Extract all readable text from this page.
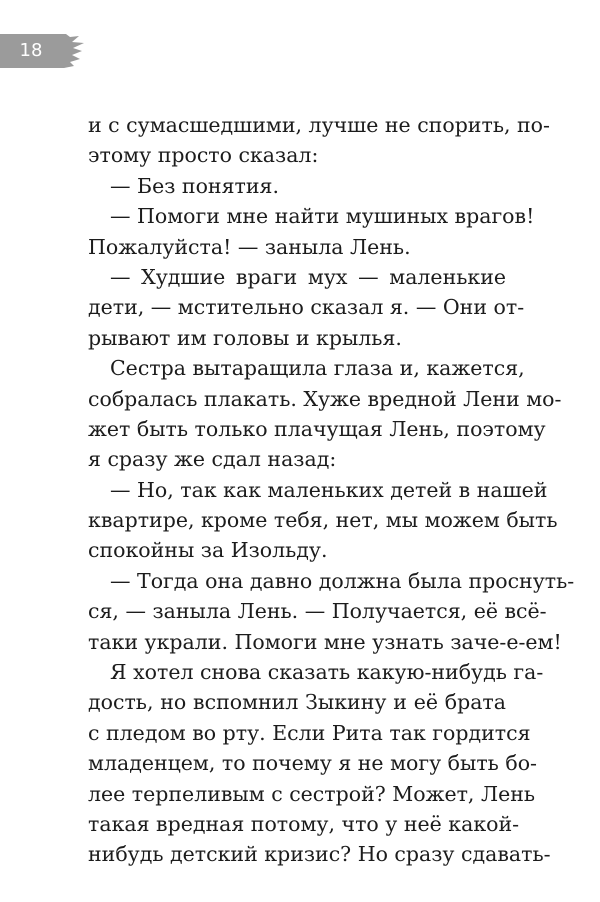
18
и с сумасшедшими, лучше не спорить, по-
этому просто сказал:
— Без понятия.
— Помоги мне найти мушиных врагов!
Пожалуйста! — заныла Лень.
— Худшие враги мух — маленькие
дети, — мстительно сказал я. — Они от-
рывают им головы и крылья.
Сестра вытаращила глаза и, кажется,
собралась плакать. Хуже вредной Лени мо-
жет быть только плачущая Лень, поэтому
я сразу же сдал назад:
— Но, так как маленьких детей в нашей
квартире, кроме тебя, нет, мы можем быть
спокойны за Изольду.
— Тогда она давно должна была проснуть-
ся, — заныла Лень. — Получается, её всё-
таки украли. Помоги мне узнать заче-е-ем!
Я хотел снова сказать какую-нибудь га-
дость, но вспомнил Зыкину и её брата
с пледом во рту. Если Рита так гордится
младенцем, то почему я не могу быть бо-
лее терпеливым с сестрой? Может, Лень
такая вредная потому, что у неё какой-
нибудь детский кризис? Но сразу сдавать-
